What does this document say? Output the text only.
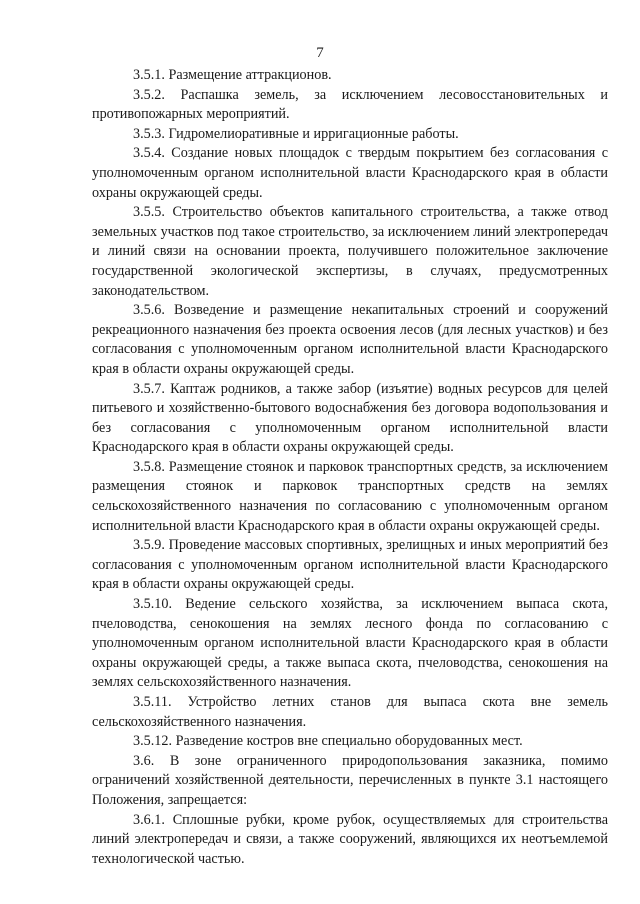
7

3.5.1. Размещение аттракционов.

3.5.2. Распашка земель, за исключением лесовосстановительных и противопожарных мероприятий.

3.5.3. Гидромелиоративные и ирригационные работы.

3.5.4. Создание новых площадок с твердым покрытием без согласования с уполномоченным органом исполнительной власти Краснодарского края в области охраны окружающей среды.

3.5.5. Строительство объектов капитального строительства, а также отвод земельных участков под такое строительство, за исключением линий электропередач и линий связи на основании проекта, получившего положительное заключение государственной экологической экспертизы, в случаях, предусмотренных законодательством.

3.5.6. Возведение и размещение некапитальных строений и сооружений рекреационного назначения без проекта освоения лесов (для лесных участков) и без согласования с уполномоченным органом исполнительной власти Краснодарского края в области охраны окружающей среды.

3.5.7. Каптаж родников, а также забор (изъятие) водных ресурсов для целей питьевого и хозяйственно-бытового водоснабжения без договора водопользования и без согласования с уполномоченным органом исполнительной власти Краснодарского края в области охраны окружающей среды.

3.5.8. Размещение стоянок и парковок транспортных средств, за исключением размещения стоянок и парковок транспортных средств на землях сельскохозяйственного назначения по согласованию с уполномоченным органом исполнительной власти Краснодарского края в области охраны окружающей среды.

3.5.9. Проведение массовых спортивных, зрелищных и иных мероприятий без согласования с уполномоченным органом исполнительной власти Краснодарского края в области охраны окружающей среды.

3.5.10. Ведение сельского хозяйства, за исключением выпаса скота, пчеловодства, сенокошения на землях лесного фонда по согласованию с уполномоченным органом исполнительной власти Краснодарского края в области охраны окружающей среды, а также выпаса скота, пчеловодства, сенокошения на землях сельскохозяйственного назначения.

3.5.11. Устройство летних станов для выпаса скота вне земель сельскохозяйственного назначения.

3.5.12. Разведение костров вне специально оборудованных мест.

3.6. В зоне ограниченного природопользования заказника, помимо ограничений хозяйственной деятельности, перечисленных в пункте 3.1 настоящего Положения, запрещается:

3.6.1. Сплошные рубки, кроме рубок, осуществляемых для строительства линий электропередач и связи, а также сооружений, являющихся их неотъемлемой технологической частью.
